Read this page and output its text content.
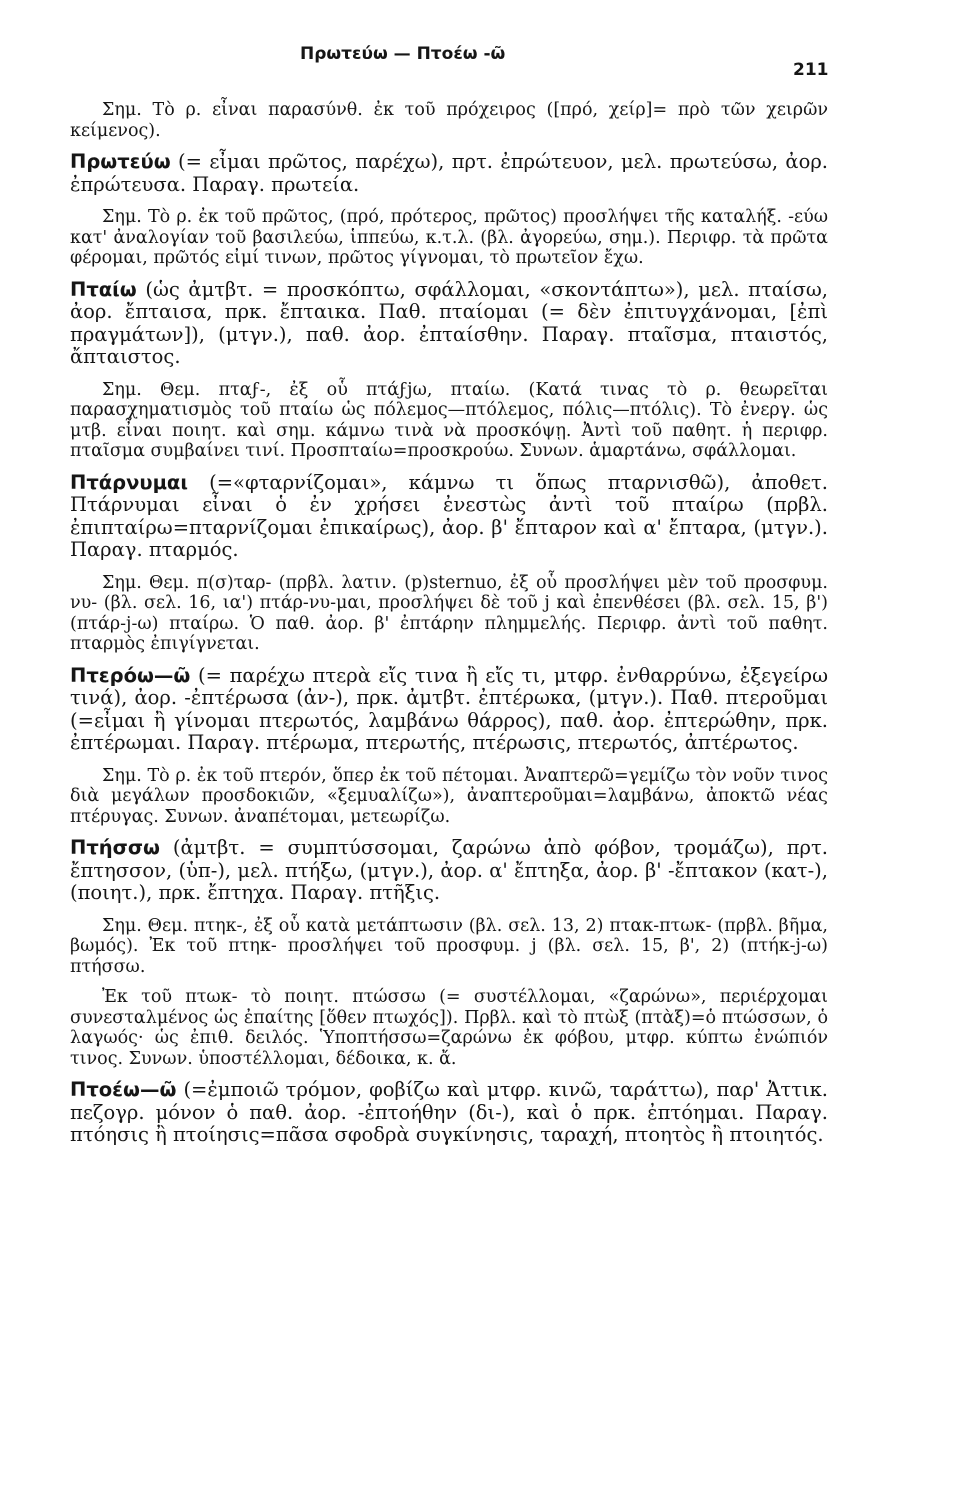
Πρωτεύω — Πτοέω -ῶ
211

Σημ. Τὸ ρ. εἶναι παρασύνθ. ἐκ τοῦ πρόχειρος ([πρό, χείρ]= πρὸ τῶν χειρῶν κείμενος).

Πρωτεύω (= εἶμαι πρῶτος, παρέχω), πρτ. ἐπρώτευον, μελ. πρωτεύσω, ἀορ. ἐπρώτευσα. Παραγ. πρωτεία.

Σημ. Τὸ ρ. ἐκ τοῦ πρῶτος, (πρό, πρότερος, πρῶτος) προσλήψει τῆς καταλήξ. -εύω κατ' ἀναλογίαν τοῦ βασιλεύω, ἱππεύω, κ.τ.λ. (βλ. ἀγορεύω, σημ.). Περιφρ. τὰ πρῶτα φέρομαι, πρῶτός εἰμί τινων, πρῶτος γίγνομαι, τὸ πρωτεῖον ἔχω.

Πταίω (ὡς ἀμτβτ. = προσκόπτω, σφάλλομαι, «σκοντάπτω»), μελ. πταίσω, ἀορ. ἔπταισα, πρκ. ἔπταικα. Παθ. πταίομαι (= δὲν ἐπιτυγχάνομαι, [ἐπὶ πραγμάτων]), (μτγν.), παθ. ἀορ. ἐπταίσθην. Παραγ. πταῖσμα, πταιστός, ἄπταιστος.

Σημ. Θεμ. πταϝ-, ἐξ οὗ πτάϝjω, πταίω. (Κατά τινας τὸ ρ. θεωρεῖται παρασχηματισμὸς τοῦ πταίω ὡς πόλεμος—πτόλεμος, πόλις—πτόλις). Τὸ ἐνεργ. ὡς μτβ. εἶναι ποιητ. καὶ σημ. κάμνω τινὰ νὰ προσκόψῃ. Ἀντὶ τοῦ παθητ. ἡ περιφρ. πταῖσμα συμβαίνει τινί. Προσπταίω=προσκρούω. Συνων. ἁμαρτάνω, σφάλλομαι.

Πτάρνυμαι (=«φταρνίζομαι», κάμνω τι ὅπως πταρνισθῶ), ἀποθετ. Πτάρνυμαι εἶναι ὁ ἐν χρήσει ἐνεστὼς ἀντὶ τοῦ πταίρω (πρβλ. ἐπιπταίρω=πταρνίζομαι ἐπικαίρως), ἀορ. β' ἔπταρον καὶ α' ἔπταρα, (μτγν.). Παραγ. πταρμός.

Σημ. Θεμ. π(σ)ταρ- (πρβλ. λατιν. (p)sternuo, ἐξ οὗ προσλήψει μὲν τοῦ προσφυμ. νυ- (βλ. σελ. 16, ια') πτάρ-νυ-μαι, προσλήψει δὲ τοῦ j καὶ ἐπενθέσει (βλ. σελ. 15, β') (πτάρ-j-ω) πταίρω. Ὁ παθ. ἀορ. β' ἐπτάρην πλημμελής. Περιφρ. ἀντὶ τοῦ παθητ. πταρμὸς ἐπιγίγνεται.

Πτερόω—ῶ (= παρέχω πτερὰ εἴς τινα ἢ εἴς τι, μτφρ. ἐνθαρρύνω, ἐξεγείρω τινά), ἀορ. -ἐπτέρωσα (ἀν-), πρκ. ἀμτβτ. ἐπτέρωκα, (μτγν.). Παθ. πτεροῦμαι (=εἶμαι ἢ γίνομαι πτερωτός, λαμβάνω θάρρος), παθ. ἀορ. ἐπτερώθην, πρκ. ἐπτέρωμαι. Παραγ. πτέρωμα, πτερωτής, πτέρωσις, πτερωτός, ἀπτέρωτος.

Σημ. Τὸ ρ. ἐκ τοῦ πτερόν, ὅπερ ἐκ τοῦ πέτομαι. Ἀναπτερῶ=γεμίζω τὸν νοῦν τινος διὰ μεγάλων προσδοκιῶν, «ξεμυαλίζω»), ἀναπτεροῦμαι=λαμβάνω, ἀποκτῶ νέας πτέρυγας. Συνων. ἀναπέτομαι, μετεωρίζω.

Πτήσσω (ἀμτβτ. = συμπτύσσομαι, ζαρώνω ἀπὸ φόβον, τρομάζω), πρτ. ἔπτησσον, (ὑπ-), μελ. πτήξω, (μτγν.), ἀορ. α' ἔπτηξα, ἀορ. β' -ἔπτακον (κατ-), (ποιητ.), πρκ. ἔπτηχα. Παραγ. πτῆξις.

Σημ. Θεμ. πτηκ-, ἐξ οὗ κατὰ μετάπτωσιν (βλ. σελ. 13, 2) πτακ-πτωκ- (πρβλ. βῆμα, βωμός). Ἐκ τοῦ πτηκ- προσλήψει τοῦ προσφυμ. j (βλ. σελ. 15, β', 2) (πτήκ-j-ω) πτήσσω.

Ἐκ τοῦ πτωκ- τὸ ποιητ. πτώσσω (= συστέλλομαι, «ζαρώνω», περιέρχομαι συνεσταλμένος ὡς ἐπαίτης [ὅθεν πτωχός]). Πρβλ. καὶ τὸ πτὼξ (πτὰξ)=ὁ πτώσσων, ὁ λαγωός· ὡς ἐπιθ. δειλός. Ὑποπτήσσω=ζαρώνω ἐκ φόβου, μτφρ. κύπτω ἐνώπιόν τινος. Συνων. ὑποστέλλομαι, δέδοικα, κ. ἄ.

Πτοέω—ῶ (=ἐμποιῶ τρόμον, φοβίζω καὶ μτφρ. κινῶ, ταράττω), παρ' Ἀττικ. πεζογρ. μόνον ὁ παθ. ἀορ. -ἐπτοήθην (δι-), καὶ ὁ πρκ. ἐπτόημαι. Παραγ. πτόησις ἢ πτοίησις=πᾶσα σφοδρὰ συγκίνησις, ταραχή, πτοητὸς ἢ πτοιητός.
